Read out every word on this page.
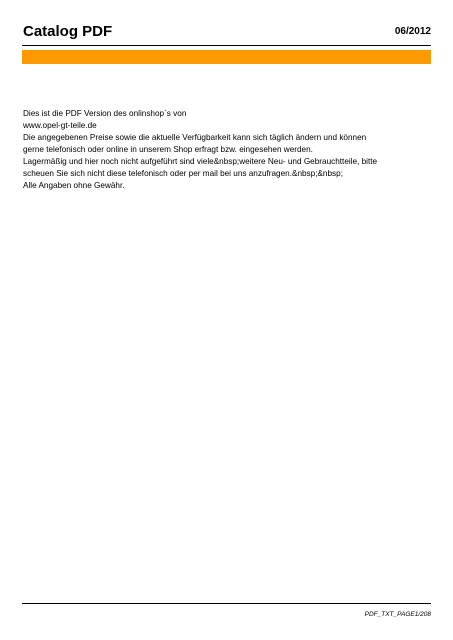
Catalog PDF	06/2012
Dies ist die PDF Version des onlinshop`s von
www.opel-gt-teile.de
Die angegebenen Preise sowie die aktuelle Verfügbarkeit kann sich täglich ändern und können
gerne telefonisch oder online in unserem Shop erfragt bzw. eingesehen werden.
Lagermäßig und hier noch nicht aufgeführt sind viele&nbsp;weitere Neu- und Gebrauchtteile, bitte
scheuen Sie sich nicht diese telefonisch oder per mail bei uns anzufragen.&nbsp;&nbsp;
Alle Angaben ohne Gewähr.
PDF_TXT_PAGE1/208
